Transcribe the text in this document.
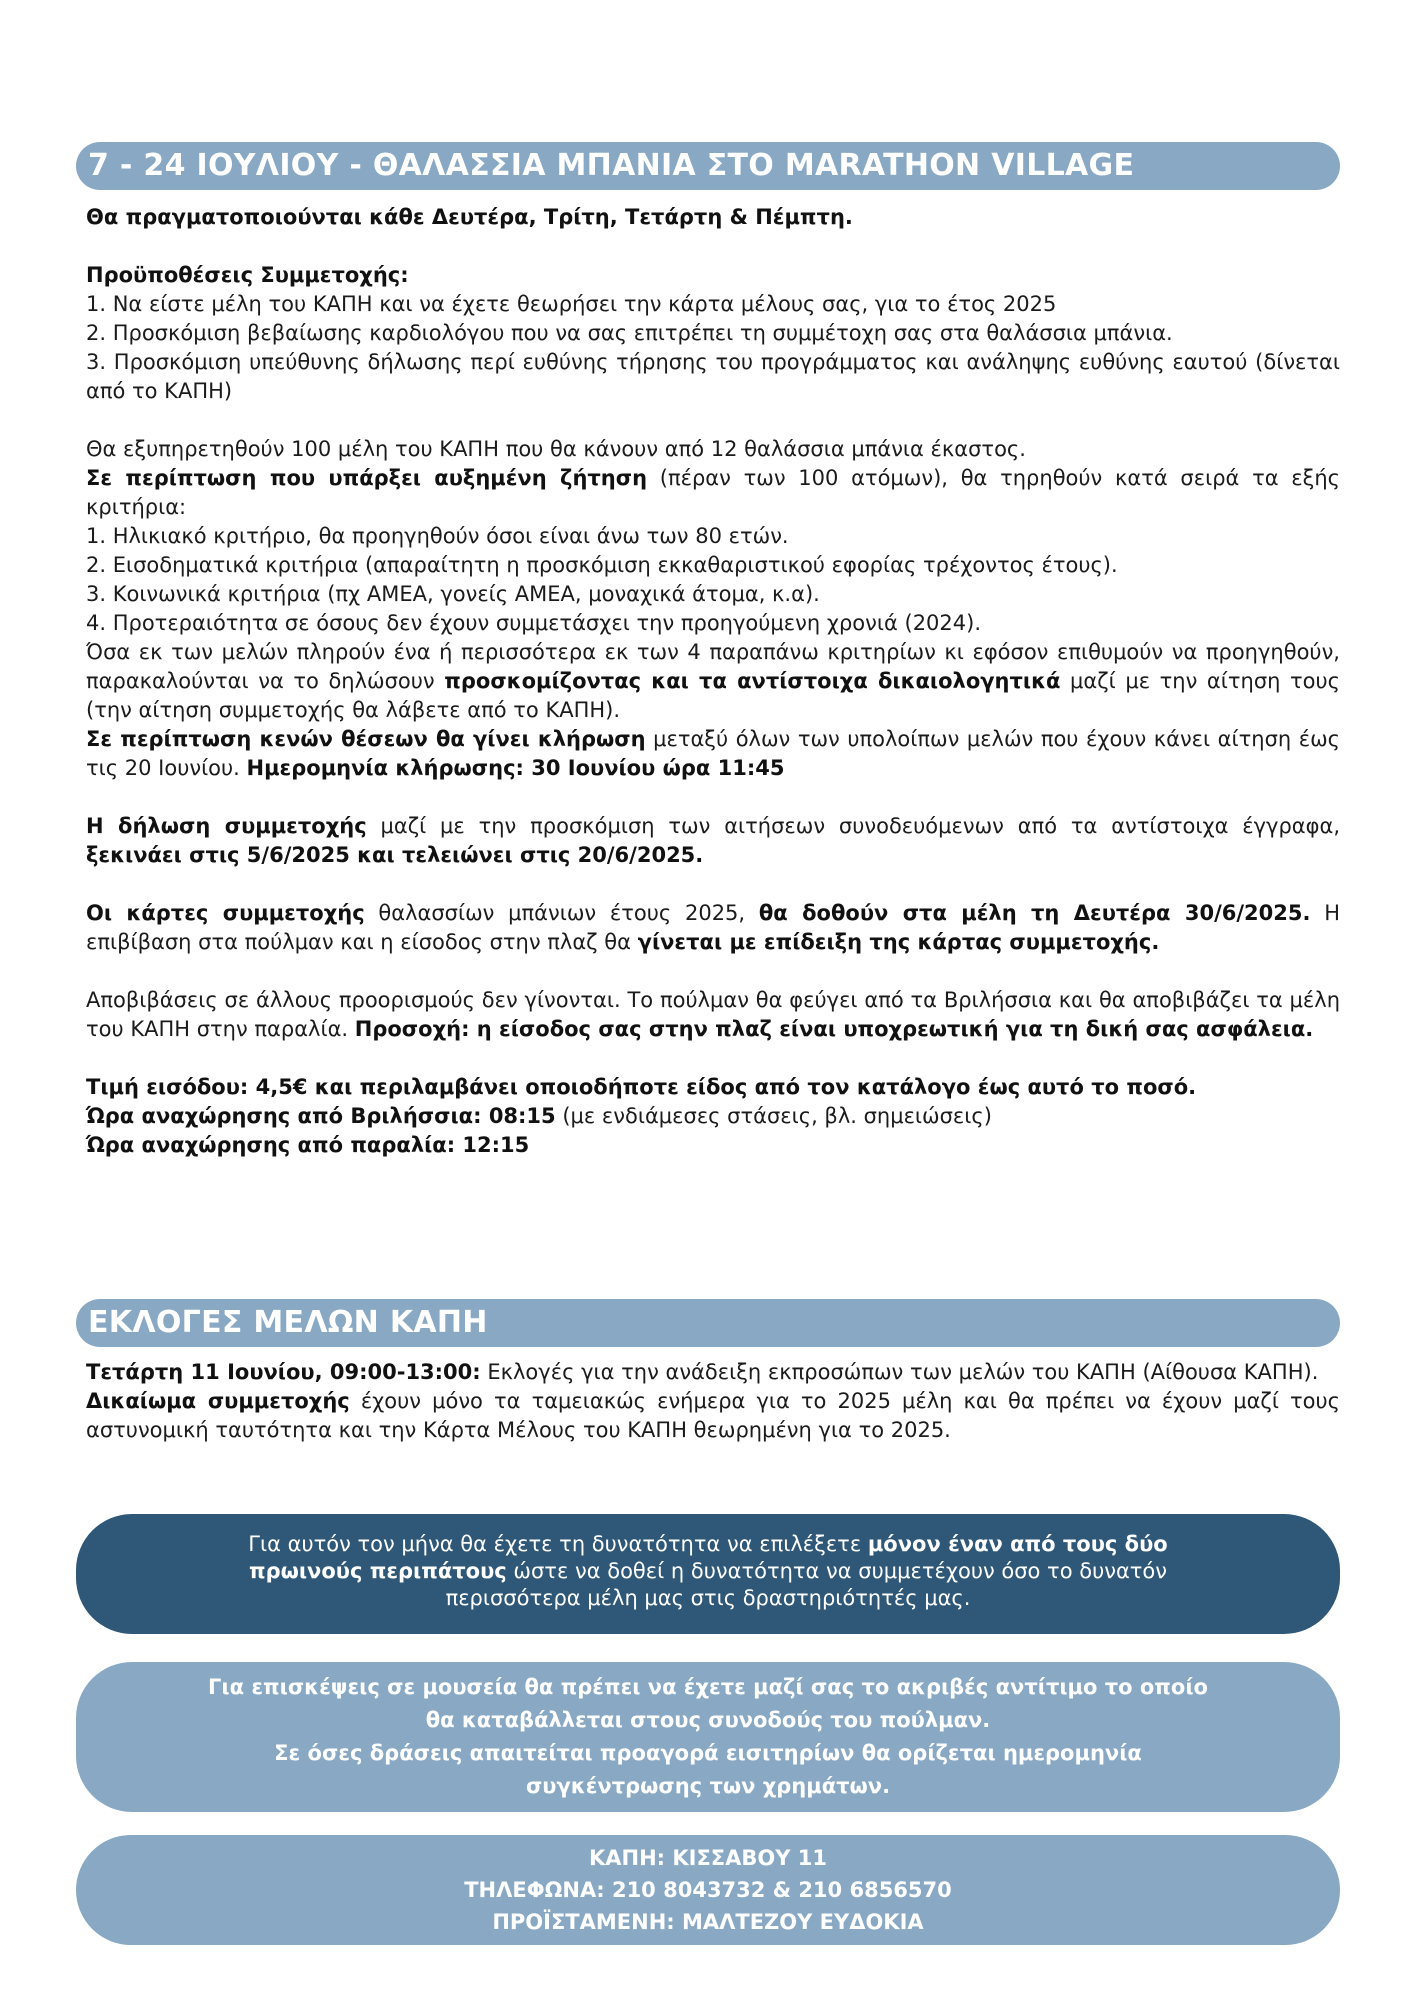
7 - 24 ΙΟΥΛΙΟΥ - ΘΑΛΑΣΣΙΑ ΜΠΑΝΙΑ ΣΤΟ MARATHON VILLAGE

Θα πραγματοποιούνται κάθε Δευτέρα, Τρίτη, Τετάρτη & Πέμπτη.

Προϋποθέσεις Συμμετοχής:

1. Να είστε μέλη του ΚΑΠΗ και να έχετε θεωρήσει την κάρτα μέλους σας, για το έτος 2025

2. Προσκόμιση βεβαίωσης καρδιολόγου που να σας επιτρέπει τη συμμέτοχη σας στα θαλάσσια μπάνια.

3. Προσκόμιση υπεύθυνης δήλωσης περί ευθύνης τήρησης του προγράμματος και ανάληψης ευθύνης εαυτού (δίνεται από το ΚΑΠΗ)

Θα εξυπηρετηθούν 100 μέλη του ΚΑΠΗ που θα κάνουν από 12 θαλάσσια μπάνια έκαστος.

Σε περίπτωση που υπάρξει αυξημένη ζήτηση (πέραν των 100 ατόμων), θα τηρηθούν κατά σειρά τα εξής κριτήρια:

1. Ηλικιακό κριτήριο, θα προηγηθούν όσοι είναι άνω των 80 ετών.

2. Εισοδηματικά κριτήρια (απαραίτητη η προσκόμιση εκκαθαριστικού εφορίας τρέχοντος έτους).

3. Κοινωνικά κριτήρια (πχ ΑΜΕΑ, γονείς ΑΜΕΑ, μοναχικά άτομα, κ.α).

4. Προτεραιότητα σε όσους δεν έχουν συμμετάσχει την προηγούμενη χρονιά (2024).

Όσα εκ των μελών πληρούν ένα ή περισσότερα εκ των 4 παραπάνω κριτηρίων κι εφόσον επιθυμούν να προηγηθούν, παρακαλούνται να το δηλώσουν προσκομίζοντας και τα αντίστοιχα δικαιολογητικά μαζί με την αίτηση τους (την αίτηση συμμετοχής θα λάβετε από το ΚΑΠΗ).

Σε περίπτωση κενών θέσεων θα γίνει κλήρωση μεταξύ όλων των υπολοίπων μελών που έχουν κάνει αίτηση έως τις 20 Ιουνίου. Ημερομηνία κλήρωσης: 30 Ιουνίου ώρα 11:45

Η δήλωση συμμετοχής μαζί με την προσκόμιση των αιτήσεων συνοδευόμενων από τα αντίστοιχα έγγραφα, ξεκινάει στις 5/6/2025 και τελειώνει στις 20/6/2025.

Οι κάρτες συμμετοχής θαλασσίων μπάνιων έτους 2025, θα δοθούν στα μέλη τη Δευτέρα 30/6/2025. Η επιβίβαση στα πούλμαν και η είσοδος στην πλαζ θα γίνεται με επίδειξη της κάρτας συμμετοχής.

Αποβιβάσεις σε άλλους προορισμούς δεν γίνονται. Το πούλμαν θα φεύγει από τα Βριλήσσια και θα αποβιβάζει τα μέλη του ΚΑΠΗ στην παραλία. Προσοχή: η είσοδος σας στην πλαζ είναι υποχρεωτική για τη δική σας ασφάλεια.

Τιμή εισόδου: 4,5€ και περιλαμβάνει οποιοδήποτε είδος από τον κατάλογο έως αυτό το ποσό.

Ώρα αναχώρησης από Βριλήσσια: 08:15 (με ενδιάμεσες στάσεις, βλ. σημειώσεις)

Ώρα αναχώρησης από παραλία: 12:15

ΕΚΛΟΓΕΣ ΜΕΛΩΝ ΚΑΠΗ

Τετάρτη 11 Ιουνίου, 09:00-13:00: Εκλογές για την ανάδειξη εκπροσώπων των μελών του ΚΑΠΗ (Αίθουσα ΚΑΠΗ).

Δικαίωμα συμμετοχής έχουν μόνο τα ταμειακώς ενήμερα για το 2025 μέλη και θα πρέπει να έχουν μαζί τους αστυνομική ταυτότητα και την Κάρτα Μέλους του ΚΑΠΗ θεωρημένη για το 2025.

Για αυτόν τον μήνα θα έχετε τη δυνατότητα να επιλέξετε μόνον έναν από τους δύο πρωινούς περιπάτους ώστε να δοθεί η δυνατότητα να συμμετέχουν όσο το δυνατόν περισσότερα μέλη μας στις δραστηριότητές μας.

Για επισκέψεις σε μουσεία θα πρέπει να έχετε μαζί σας το ακριβές αντίτιμο το οποίο θα καταβάλλεται στους συνοδούς του πούλμαν.

Σε όσες δράσεις απαιτείται προαγορά εισιτηρίων θα ορίζεται ημερομηνία συγκέντρωσης των χρημάτων.

ΚΑΠΗ: ΚΙΣΣΑΒΟΥ 11

ΤΗΛΕΦΩΝΑ: 210 8043732 & 210 6856570

ΠΡΟΪΣΤΑΜΕΝΗ: ΜΑΛΤΕΖΟΥ ΕΥΔΟΚΙΑ
